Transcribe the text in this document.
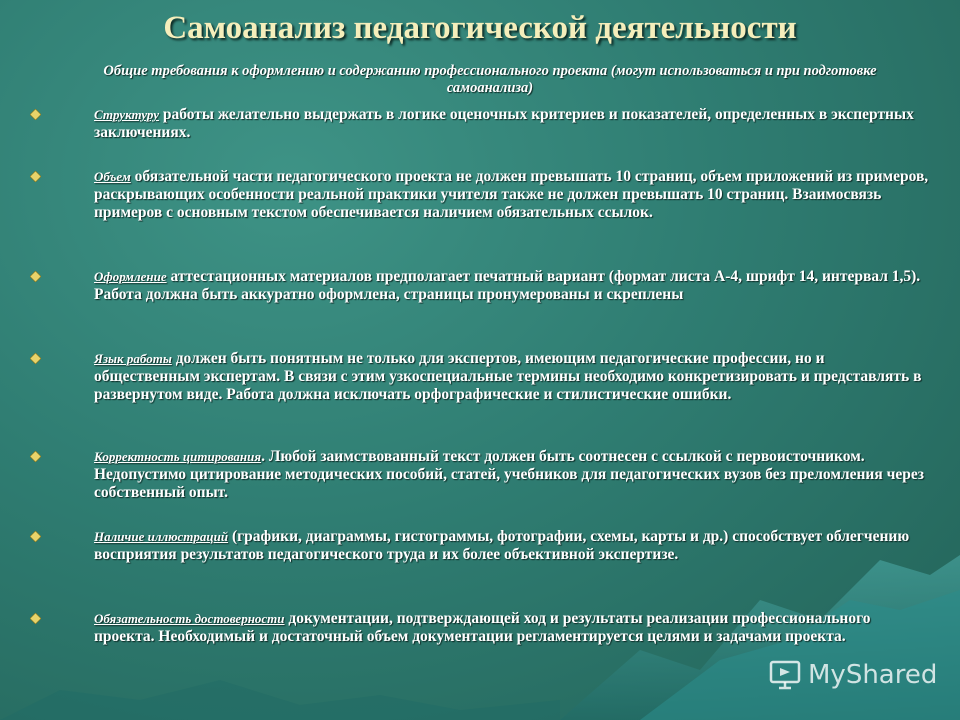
Самоанализ педагогической деятельности
Общие требования к оформлению и содержанию профессионального проекта (могут использоваться и при подготовке самоанализа)
Структуру работы желательно выдержать в логике оценочных критериев и показателей, определенных в экспертных заключениях.
Объем обязательной части педагогического проекта не должен превышать 10 страниц, объем приложений из примеров, раскрывающих особенности реальной практики учителя также не должен превышать 10 страниц. Взаимосвязь примеров с основным текстом обеспечивается наличием обязательных ссылок.
Оформление аттестационных материалов предполагает печатный вариант (формат листа А-4, шрифт 14, интервал 1,5). Работа должна быть аккуратно оформлена, страницы пронумерованы и скреплены
Язык работы должен быть понятным не только для экспертов, имеющим педагогические профессии, но и общественным экспертам. В связи с этим узкоспециальные термины необходимо конкретизировать и представлять в развернутом виде. Работа должна исключать орфографические и стилистические ошибки.
Корректность цитирования. Любой заимствованный текст должен быть соотнесен с ссылкой с первоисточником. Недопустимо цитирование методических пособий, статей, учебников для педагогических вузов без преломления через собственный опыт.
Наличие иллюстраций (графики, диаграммы, гистограммы, фотографии, схемы, карты и др.) способствует облегчению восприятия результатов педагогического труда и их более объективной экспертизе.
Обязательность достоверности документации, подтверждающей ход и результаты реализации профессионального проекта. Необходимый и достаточный объем документации регламентируется целями и задачами проекта.
MyShared
